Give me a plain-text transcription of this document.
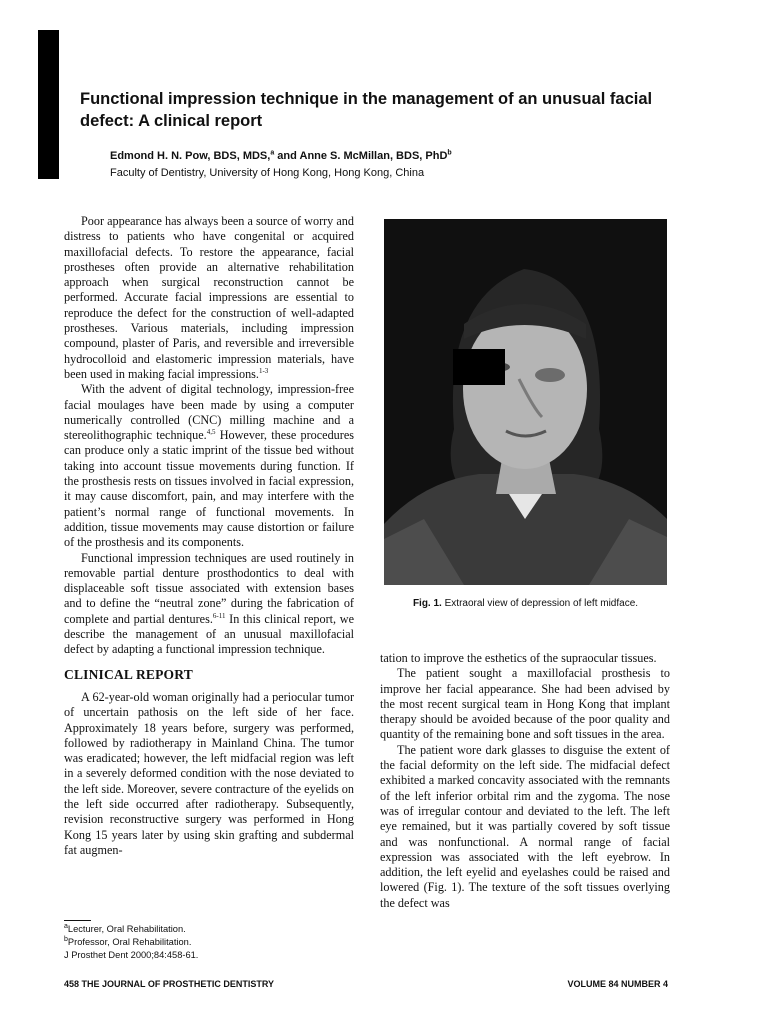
Functional impression technique in the management of an unusual facial defect: A clinical report
Edmond H. N. Pow, BDS, MDS,$^a$ and Anne S. McMillan, BDS, PhD$^b$
Faculty of Dentistry, University of Hong Kong, Hong Kong, China

Poor appearance has always been a source of worry and distress to patients who have congenital or acquired maxillofacial defects. To restore the appearance, facial prostheses often provide an alternative rehabilitation approach when surgical reconstruction cannot be performed. Accurate facial impressions are essential to reproduce the defect for the construction of well-adapted prostheses. Various materials, including impression compound, plaster of Paris, and reversible and irreversible hydrocolloid and elastomeric impression materials, have been used in making facial impressions.$^{1-3}$

With the advent of digital technology, impression-free facial moulages have been made by using a computer numerically controlled (CNC) milling machine and a stereolithographic technique.$^{4,5}$ However, these procedures can produce only a static imprint of the tissue bed without taking into account tissue movements during function. If the prosthesis rests on tissues involved in facial expression, it may cause discomfort, pain, and may interfere with the patient’s normal range of functional movements. In addition, tissue movements may cause distortion or failure of the prosthesis and its components.

Functional impression techniques are used routinely in removable partial denture prosthodontics to deal with displaceable soft tissue associated with extension bases and to define the “neutral zone” during the fabrication of complete and partial dentures.$^{6-11}$ In this clinical report, we describe the management of an unusual maxillofacial defect by adapting a functional impression technique.

CLINICAL REPORT

A 62-year-old woman originally had a periocular tumor of uncertain pathosis on the left side of her face. Approximately 18 years before, surgery was performed, followed by radiotherapy in Mainland China. The tumor was eradicated; however, the left midfacial region was left in a severely deformed condition with the nose deviated to the left side. Moreover, severe contracture of the eyelids on the left side occurred after radiotherapy. Subsequently, revision reconstructive surgery was performed in Hong Kong 15 years later by using skin grafting and subdermal fat augmen-

Fig. 1. Extraoral view of depression of left midface.

tation to improve the esthetics of the supraocular tissues.

The patient sought a maxillofacial prosthesis to improve her facial appearance. She had been advised by the most recent surgical team in Hong Kong that implant therapy should be avoided because of the poor quality and quantity of the remaining bone and soft tissues in the area.

The patient wore dark glasses to disguise the extent of the facial deformity on the left side. The midfacial defect exhibited a marked concavity associated with the remnants of the left inferior orbital rim and the zygoma. The nose was of irregular contour and deviated to the left. The left eye remained, but it was partially covered by soft tissue and was nonfunctional. A normal range of facial expression was associated with the left eyebrow. In addition, the left eyelid and eyelashes could be raised and lowered (Fig. 1). The texture of the soft tissues overlying the defect was

$^a$Lecturer, Oral Rehabilitation.
$^b$Professor, Oral Rehabilitation.
J Prosthet Dent 2000;84:458-61.
458 THE JOURNAL OF PROSTHETIC DENTISTRY	VOLUME 84 NUMBER 4
